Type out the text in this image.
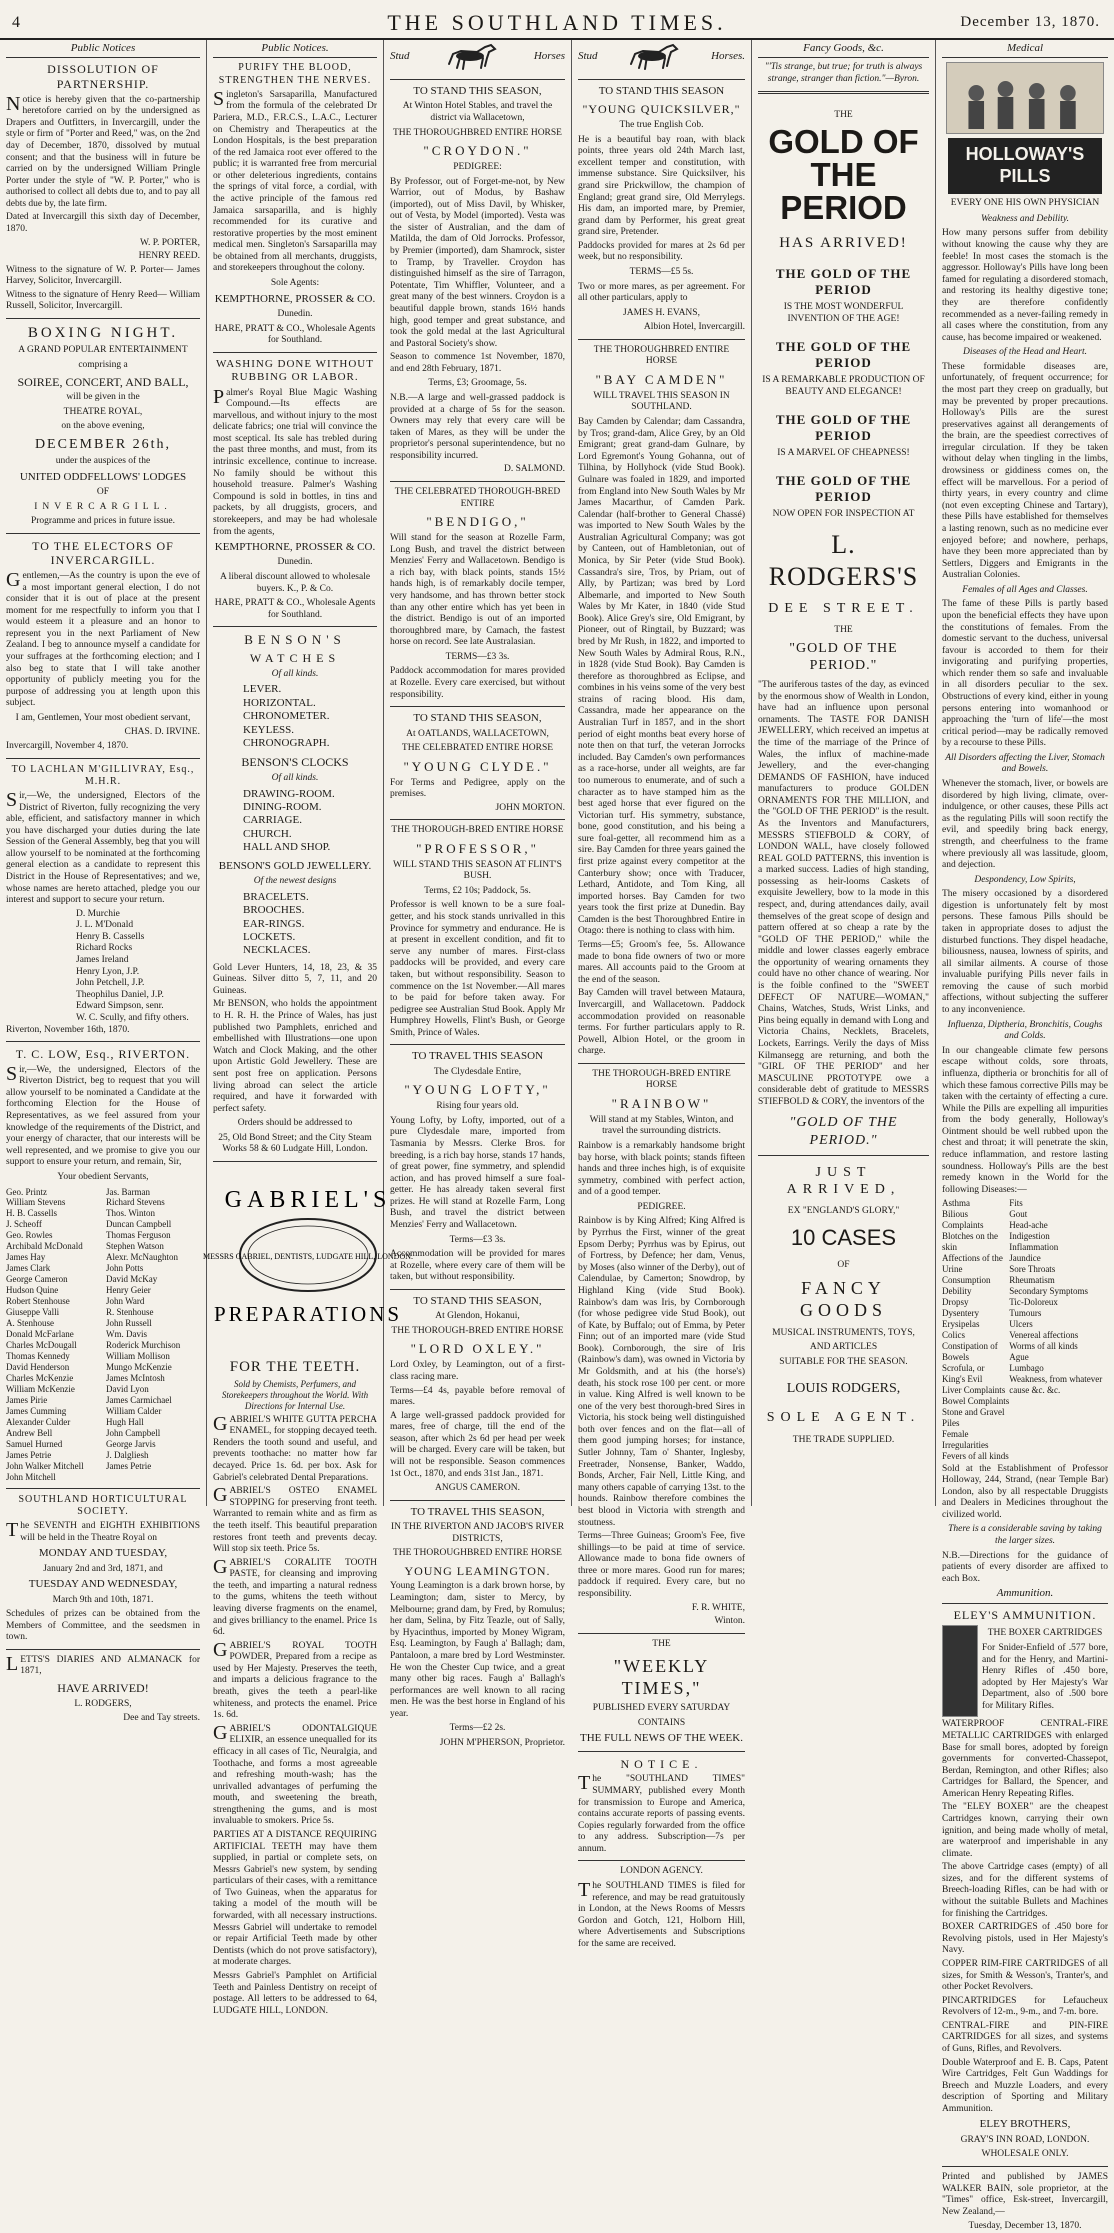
4	THE SOUTHLAND TIMES.	December 13, 1870.
Public Notices
DISSOLUTION OF PARTNERSHIP.

Notice is hereby given that the co-partnership heretofore carried on by the undersigned as Drapers and Outfitters, in Invercargill, under the style or firm of "Porter and Reed," was, on the 2nd day of December, 1870, dissolved by mutual consent; and that the business will in future be carried on by the undersigned William Pringle Porter under the style of "W. P. Porter," who is authorised to collect all debts due to, and to pay all debts due by, the late firm.

Dated at Invercargill this sixth day of December, 1870.

W. P. PORTER,
HENRY REED.

Witness to the signature of W. P. Porter— James Harvey, Solicitor, Invercargill.

Witness to the signature of Henry Reed— William Russell, Solicitor, Invercargill.

BOXING NIGHT.
A GRAND POPULAR ENTERTAINMENT
comprising a
SOIREE, CONCERT, AND BALL,
will be given in the
THEATRE ROYAL,
on the above evening,
DECEMBER 26th,
under the auspices of the
UNITED ODDFELLOWS' LODGES
OF
INVERCARGILL.
Programme and prices in future issue.
TO THE ELECTORS OF INVERCARGILL.

Gentlemen,—As the country is upon the eve of a most important general election, I do not consider that it is out of place at the present moment for me respectfully to inform you that I would esteem it a pleasure and an honor to represent you in the next Parliament of New Zealand. I beg to announce myself a candidate for your suffrages at the forthcoming election; and I also beg to state that I will take another opportunity of publicly meeting you for the purpose of addressing you at length upon this subject.

I am, Gentlemen, Your most obedient servant,
CHAS. D. IRVINE.
Invercargill, November 4, 1870.
TO LACHLAN M'GILLIVRAY, Esq., M.H.R.

Sir,—We, the undersigned, Electors of the District of Riverton, fully recognizing the very able, efficient, and satisfactory manner in which you have discharged your duties during the late Session of the General Assembly, beg that you will allow yourself to be nominated at the forthcoming general election as a candidate to represent this District in the House of Representatives; and we, whose names are hereto attached, pledge you our interest and support to secure your return.

D. Murchie
J. L. M'Donald
Henry B. Cassells
Richard Rocks
James Ireland
Henry Lyon, J.P.
John Petchell, J.P.
Theophilus Daniel, J.P.
Edward Simpson, senr.
W. C. Scully, and fifty others.
Riverton, November 16th, 1870.
T. C. LOW, Esq., RIVERTON.

Sir,—We, the undersigned, Electors of the Riverton District, beg to request that you will allow yourself to be nominated a Candidate at the forthcoming Election for the House of Representatives, as we feel assured from your knowledge of the requirements of the District, and your energy of character, that our interests will be well represented, and we promise to give you our support to ensure your return, and remain, Sir,

Your obedient Servants,
Geo. Printz
William Stevens
H. B. Cassells
J. Scheoff
Geo. Rowles
Archibald McDonald
James Hay
James Clark
George Cameron
Hudson Quine
Robert Stenhouse
Giuseppe Valli
A. Stenhouse
Donald McFarlane
Charles McDougall
Thomas Kennedy
David Henderson
Charles McKenzie
William McKenzie
James Pirie
James Cumming
Alexander Culder
Andrew Bell
Samuel Hurned
James Petrie
John Walker Mitchell
John Mitchell
Jas. Barman
Richard Stevens
Thos. Winton
Duncan Campbell
Thomas Ferguson
Stephen Watson
Alexr. McNaughton
John Potts
David McKay
Henry Geier
John Ward
R. Stenhouse
John Russell
Wm. Davis
Roderick Murchison
William Mollison
Mungo McKenzie
James McIntosh
David Lyon
James Carmichael
William Calder
Hugh Hall
John Campbell
George Jarvis
J. Dalgliesh
James Petrie
SOUTHLAND HORTICULTURAL SOCIETY.

The SEVENTH and EIGHTH EXHIBITIONS will be held in the Theatre Royal on

MONDAY AND TUESDAY,
January 2nd and 3rd, 1871, and
TUESDAY AND WEDNESDAY,
March 9th and 10th, 1871.

Schedules of prizes can be obtained from the Members of Committee, and the seedsmen in town.

LETTS'S DIARIES AND ALMANACK for 1871,

HAVE ARRIVED!
L. RODGERS,
Dee and Tay streets.
Public Notices.
PURIFY THE BLOOD, STRENGTHEN THE NERVES.

Singleton's Sarsaparilla, Manufactured from the formula of the celebrated Dr Pariera, M.D., F.R.C.S., L.A.C., Lecturer on Chemistry and Therapeutics at the London Hospitals, is the best preparation of the red Jamaica root ever offered to the public; it is warranted free from mercurial or other deleterious ingredients, contains the springs of vital force, a cordial, with the active principle of the famous red Jamaica sarsaparilla, and is highly recommended for its curative and restorative properties by the most eminent medical men. Singleton's Sarsaparilla may be obtained from all merchants, druggists, and storekeepers throughout the colony.

Sole Agents:
KEMPTHORNE, PROSSER & CO.
Dunedin.
HARE, PRATT & CO., Wholesale Agents for Southland.
WASHING DONE WITHOUT RUBBING OR LABOR.

Palmer's Royal Blue Magic Washing Compound.—Its effects are marvellous, and without injury to the most delicate fabrics; one trial will convince the most sceptical. Its sale has trebled during the past three months, and must, from its intrinsic excellence, continue to increase. No family should be without this household treasure. Palmer's Washing Compound is sold in bottles, in tins and packets, by all druggists, grocers, and storekeepers, and may be had wholesale from the agents,

KEMPTHORNE, PROSSER & CO.
Dunedin.
A liberal discount allowed to wholesale buyers. K., P. & Co.
HARE, PRATT & CO., Wholesale Agents for Southland.
BENSON'S
WATCHES
Of all kinds.
LEVER.
HORIZONTAL.
CHRONOMETER.
KEYLESS.
CHRONOGRAPH.
BENSON'S CLOCKS
Of all kinds.
DRAWING-ROOM.
DINING-ROOM.
CARRIAGE.
CHURCH.
HALL AND SHOP.
BENSON'S GOLD JEWELLERY.
Of the newest designs
BRACELETS.
BROOCHES.
EAR-RINGS.
LOCKETS.
NECKLACES.

Gold Lever Hunters, 14, 18, 23, & 35 Guineas. Silver ditto 5, 7, 11, and 20 Guineas.

Mr BENSON, who holds the appointment to H. R. H. the Prince of Wales, has just published two Pamphlets, enriched and embellished with Illustrations—one upon Watch and Clock Making, and the other upon Artistic Gold Jewellery. These are sent post free on application. Persons living abroad can select the article required, and have it forwarded with perfect safety.

Orders should be addressed to
25, Old Bond Street; and the City Steam Works 58 & 60 Ludgate Hill, London.
GABRIEL'S
MESSRS GABRIEL, DENTISTS, LUDGATE HILL, LONDON.
PREPARATIONS
FOR THE TEETH.
Sold by Chemists, Perfumers, and Storekeepers throughout the World. With Directions for Internal Use.

GABRIEL'S WHITE GUTTA PERCHA ENAMEL, for stopping decayed teeth. Renders the tooth sound and useful, and prevents toothache: no matter how far decayed. Price 1s. 6d. per box. Ask for Gabriel's celebrated Dental Preparations.

GABRIEL'S OSTEO ENAMEL STOPPING for preserving front teeth. Warranted to remain white and as firm as the teeth itself. This beautiful preparation restores front teeth and prevents decay. Will stop six teeth. Price 5s.

GABRIEL'S CORALITE TOOTH PASTE, for cleansing and improving the teeth, and imparting a natural redness to the gums, whitens the teeth without leaving diverse fragments on the enamel, and gives brilliancy to the enamel. Price 1s 6d.

GABRIEL'S ROYAL TOOTH POWDER, Prepared from a recipe as used by Her Majesty. Preserves the teeth, and imparts a delicious fragrance to the breath, gives the teeth a pearl-like whiteness, and protects the enamel. Price 1s. 6d.

GABRIEL'S ODONTALGIQUE ELIXIR, an essence unequalled for its efficacy in all cases of Tic, Neuralgia, and Toothache, and forms a most agreeable and refreshing mouth-wash; has the unrivalled advantages of perfuming the mouth, and sweetening the breath, strengthening the gums, and is most invaluable to smokers. Price 5s.

PARTIES AT A DISTANCE REQUIRING ARTIFICIAL TEETH may have them supplied, in partial or complete sets, on Messrs Gabriel's new system, by sending particulars of their cases, with a remittance of Two Guineas, when the apparatus for taking a model of the mouth will be forwarded, with all necessary instructions. Messrs Gabriel will undertake to remodel or repair Artificial Teeth made by other Dentists (which do not prove satisfactory), at moderate charges.

Messrs Gabriel's Pamphlet on Artificial Teeth and Painless Dentistry on receipt of postage. All letters to be addressed to 64, LUDGATE HILL, LONDON.

Stud	Horses
TO STAND THIS SEASON,
At Winton Hotel Stables, and travel the district via Wallacetown,
THE THOROUGHBRED ENTIRE HORSE
"CROYDON."
PEDIGREE:

By Professor, out of Forget-me-not, by New Warrior, out of Modus, by Bashaw (imported), out of Miss Davil, by Whisker, out of Vesta, by Model (imported). Vesta was the sister of Australian, and the dam of Matilda, the dam of Old Jorrocks. Professor, by Premier (imported), dam Shamrock, sister to Tramp, by Traveller. Croydon has distinguished himself as the sire of Tarragon, Potentate, Tim Whiffler, Volunteer, and a great many of the best winners. Croydon is a beautiful dapple brown, stands 16½ hands high, good temper and great substance, and took the gold medal at the last Agricultural and Pastoral Society's show.

Season to commence 1st November, 1870, and end 28th February, 1871.

Terms, £3; Groomage, 5s.

N.B.—A large and well-grassed paddock is provided at a charge of 5s for the season. Owners may rely that every care will be taken of Mares, as they will be under the proprietor's personal superintendence, but no responsibility incurred.

D. SALMOND.
THE CELEBRATED THOROUGH-BRED ENTIRE
"BENDIGO,"

Will stand for the season at Rozelle Farm, Long Bush, and travel the district between Menzies' Ferry and Wallacetown. Bendigo is a rich bay, with black points, stands 15½ hands high, is of remarkably docile temper, very handsome, and has thrown better stock than any other entire which has yet been in the district. Bendigo is out of an imported thoroughbred mare, by Camach, the fastest horse on record. See late Australasian.

TERMS—£3 3s.

Paddock accommodation for mares provided at Rozelle. Every care exercised, but without responsibility.

TO STAND THIS SEASON,
At OATLANDS, WALLACETOWN,
THE CELEBRATED ENTIRE HORSE
"YOUNG CLYDE."

For Terms and Pedigree, apply on the premises.

JOHN MORTON.
THE THOROUGH-BRED ENTIRE HORSE
"PROFESSOR,"
WILL STAND THIS SEASON AT FLINT'S BUSH.
Terms, £2 10s; Paddock, 5s.

Professor is well known to be a sure foal-getter, and his stock stands unrivalled in this Province for symmetry and endurance. He is at present in excellent condition, and fit to serve any number of mares. First-class paddocks will be provided, and every care taken, but without responsibility. Season to commence on the 1st November.—All mares to be paid for before taken away. For pedigree see Australian Stud Book. Apply Mr Humphrey Howells, Flint's Bush, or George Smith, Prince of Wales.

TO TRAVEL THIS SEASON
The Clydesdale Entire,
"YOUNG LOFTY,"
Rising four years old.

Young Lofty, by Lofty, imported, out of a pure Clydesdale mare, imported from Tasmania by Messrs. Clerke Bros. for breeding, is a rich bay horse, stands 17 hands, of great power, fine symmetry, and splendid action, and has proved himself a sure foal-getter. He has already taken several first prizes. He will stand at Rozelle Farm, Long Bush, and travel the district between Menzies' Ferry and Wallacetown.

Terms—£3 3s.

Accommodation will be provided for mares at Rozelle, where every care of them will be taken, but without responsibility.

TO STAND THIS SEASON,
At Glendon, Hokanui,
THE THOROUGH-BRED ENTIRE HORSE
"LORD OXLEY."

Lord Oxley, by Leamington, out of a first-class racing mare.

Terms—£4 4s, payable before removal of mares.

A large well-grassed paddock provided for mares, free of charge, till the end of the season, after which 2s 6d per head per week will be charged. Every care will be taken, but will not be responsible. Season commences 1st Oct., 1870, and ends 31st Jan., 1871.

ANGUS CAMERON.
TO TRAVEL THIS SEASON,
IN THE RIVERTON AND JACOB'S RIVER DISTRICTS,
THE THOROUGHBRED ENTIRE HORSE
YOUNG LEAMINGTON.

Young Leamington is a dark brown horse, by Leamington; dam, sister to Mercy, by Melbourne; grand dam, by Fred, by Romulus; her dam, Selina, by Fitz Teazle, out of Sally, by Hyacinthus, imported by Money Wigram, Esq. Leamington, by Faugh a' Ballagh; dam, Pantaloon, a mare bred by Lord Westminster. He won the Chester Cup twice, and a great many other big races. Faugh a' Ballagh's performances are well known to all racing men. He was the best horse in England of his year.

Terms—£2 2s.
JOHN M'PHERSON, Proprietor.
Stud	Horses.
TO STAND THIS SEASON
"YOUNG QUICKSILVER,"
The true English Cob.

He is a beautiful bay roan, with black points, three years old 24th March last, excellent temper and constitution, with immense substance. Sire Quicksilver, his grand sire Prickwillow, the champion of England; great grand sire, Old Merrylegs. His dam, an imported mare, by Premier, grand dam by Performer, his great great grand sire, Pretender.

Paddocks provided for mares at 2s 6d per week, but no responsibility.

TERMS—£5 5s.

Two or more mares, as per agreement. For all other particulars, apply to

JAMES H. EVANS,
Albion Hotel, Invercargill.
THE THOROUGHBRED ENTIRE HORSE
"BAY CAMDEN"
WILL TRAVEL THIS SEASON IN SOUTHLAND.

Bay Camden by Calendar; dam Cassandra, by Tros; grand-dam, Alice Grey, by an Old Emigrant; great grand-dam Gulnare, by Lord Egremont's Young Gohanna, out of Tilhina, by Hollyhock (vide Stud Book). Gulnare was foaled in 1829, and imported from England into New South Wales by Mr James Macarthur, of Camden Park. Calendar (half-brother to General Chassé) was imported to New South Wales by the Australian Agricultural Company; was got by Canteen, out of Hambletonian, out of Monica, by Sir Peter (vide Stud Book). Cassandra's sire, Tros, by Priam, out of Ally, by Partizan; was bred by Lord Albemarle, and imported to New South Wales by Mr Kater, in 1840 (vide Stud Book). Alice Grey's sire, Old Emigrant, by Pioneer, out of Ringtail, by Buzzard; was bred by Mr Rush, in 1822, and imported to New South Wales by Admiral Rous, R.N., in 1828 (vide Stud Book). Bay Camden is therefore as thoroughbred as Eclipse, and combines in his veins some of the very best strains of racing blood. His dam, Cassandra, made her appearance on the Australian Turf in 1857, and in the short period of eight months beat every horse of note then on that turf, the veteran Jorrocks included. Bay Camden's own performances as a race-horse, under all weights, are far too numerous to enumerate, and of such a character as to have stamped him as the best aged horse that ever figured on the Victorian turf. His symmetry, substance, bone, good constitution, and his being a sure foal-getter, all recommend him as a sire. Bay Camden for three years gained the first prize against every competitor at the Canterbury show; once with Traducer, Lethard, Antidote, and Tom King, all imported horses. Bay Camden for two years took the first prize at Dunedin. Bay Camden is the best Thoroughbred Entire in Otago: there is nothing to class with him.

Terms—£5; Groom's fee, 5s. Allowance made to bona fide owners of two or more mares. All accounts paid to the Groom at the end of the season.

Bay Camden will travel between Mataura, Invercargill, and Wallacetown. Paddock accommodation provided on reasonable terms. For further particulars apply to R. Powell, Albion Hotel, or the groom in charge.

THE THOROUGH-BRED ENTIRE HORSE
"RAINBOW"
Will stand at my Stables, Winton, and travel the surrounding districts.

Rainbow is a remarkably handsome bright bay horse, with black points; stands fifteen hands and three inches high, is of exquisite symmetry, combined with perfect action, and of a good temper.

PEDIGREE.

Rainbow is by King Alfred; King Alfred is by Pyrrhus the First, winner of the great Epsom Derby; Pyrrhus was by Epirus, out of Fortress, by Defence; her dam, Venus, by Moses (also winner of the Derby), out of Calendulae, by Camerton; Snowdrop, by Highland King (vide Stud Book). Rainbow's dam was Iris, by Cornborough (for whose pedigree vide Stud Book), out of Kate, by Buffalo; out of Emma, by Peter Finn; out of an imported mare (vide Stud Book). Cornborough, the sire of Iris (Rainbow's dam), was owned in Victoria by Mr Goldsmith, and at his (the horse's) death, his stock rose 100 per cent. or more in value. King Alfred is well known to be one of the very best thorough-bred Sires in Victoria, his stock being well distinguished both over fences and on the flat—all of them good jumping horses; for instance, Sutler Johnny, Tam o' Shanter, Inglesby, Freetrader, Nonsense, Banker, Waddo, Bonds, Archer, Fair Nell, Little King, and many others capable of carrying 13st. to the hounds. Rainbow therefore combines the best blood in Victoria with strength and stoutness.

Terms—Three Guineas; Groom's Fee, five shillings—to be paid at time of service. Allowance made to bona fide owners of three or more mares. Good run for mares; paddock if required. Every care, but no responsibility.

F. R. WHITE,
Winton.
THE
"WEEKLY TIMES,"
PUBLISHED EVERY SATURDAY
CONTAINS
THE FULL NEWS OF THE WEEK.
NOTICE.

The "SOUTHLAND TIMES" SUMMARY, published every Month for transmission to Europe and America, contains accurate reports of passing events. Copies regularly forwarded from the office to any address. Subscription—7s per annum.

LONDON AGENCY.

The SOUTHLAND TIMES is filed for reference, and may be read gratuitously in London, at the News Rooms of Messrs Gordon and Gotch, 121, Holborn Hill, where Advertisements and Subscriptions for the same are received.

Fancy Goods, &c.
"'Tis strange, but true; for truth is always strange, stranger than fiction."—Byron.
THE
GOLD OF THE PERIOD
HAS ARRIVED!
THE GOLD OF THE PERIOD
IS THE MOST WONDERFUL INVENTION OF THE AGE!
THE GOLD OF THE PERIOD
IS A REMARKABLE PRODUCTION OF BEAUTY AND ELEGANCE!
THE GOLD OF THE PERIOD
IS A MARVEL OF CHEAPNESS!
THE GOLD OF THE PERIOD
NOW OPEN FOR INSPECTION AT
L. RODGERS'S
DEE STREET.
THE
"GOLD OF THE PERIOD."

"The auriferous tastes of the day, as evinced by the enormous show of Wealth in London, have had an influence upon personal ornaments. The TASTE FOR DANISH JEWELLERY, which received an impetus at the time of the marriage of the Prince of Wales, the influx of machine-made Jewellery, and the ever-changing DEMANDS OF FASHION, have induced manufacturers to produce GOLDEN ORNAMENTS FOR THE MILLION, and the "GOLD OF THE PERIOD" is the result. As the Inventors and Manufacturers, MESSRS STIEFBOLD & CORY, of LONDON WALL, have closely followed REAL GOLD PATTERNS, this invention is a marked success. Ladies of high standing, possessing as heir-looms Caskets of exquisite Jewellery, bow to la mode in this respect, and, during attendances daily, avail themselves of the great scope of design and pattern offered at so cheap a rate by the "GOLD OF THE PERIOD," while the middle and lower classes eagerly embrace the opportunity of wearing ornaments they could have no other chance of wearing. Nor is the foible confined to the "SWEET DEFECT OF NATURE—WOMAN," Chains, Watches, Studs, Wrist Links, and Pins being equally in demand with Long and Victoria Chains, Necklets, Bracelets, Lockets, Earrings. Verily the days of Miss Kilmansegg are returning, and both the "GIRL OF THE PERIOD" and her MASCULINE PROTOTYPE owe a considerable debt of gratitude to MESSRS STIEFBOLD & CORY, the inventors of the

"GOLD OF THE PERIOD."
JUST ARRIVED,
EX "ENGLAND'S GLORY,"
10 CASES
OF
FANCY GOODS
MUSICAL INSTRUMENTS, TOYS,
AND ARTICLES
SUITABLE FOR THE SEASON.
LOUIS RODGERS,
SOLE AGENT.
THE TRADE SUPPLIED.
Medical
HOLLOWAY'S PILLS
EVERY ONE HIS OWN PHYSICIAN
Weakness and Debility.

How many persons suffer from debility without knowing the cause why they are feeble! In most cases the stomach is the aggressor. Holloway's Pills have long been famed for regulating a disordered stomach, and restoring its healthy digestive tone; they are therefore confidently recommended as a never-failing remedy in all cases where the constitution, from any cause, has become impaired or weakened.

Diseases of the Head and Heart.

These formidable diseases are, unfortunately, of frequent occurrence; for the most part they creep on gradually, but may be prevented by proper precautions. Holloway's Pills are the surest preservatives against all derangements of the brain, are the speediest correctives of irregular circulation. If they be taken without delay when tingling in the limbs, drowsiness or giddiness comes on, the effect will be marvellous. For a period of thirty years, in every country and clime (not even excepting Chinese and Tartary), these Pills have established for themselves a lasting renown, such as no medicine ever enjoyed before; and nowhere, perhaps, have they been more appreciated than by Settlers, Diggers and Emigrants in the Australian Colonies.

Females of all Ages and Classes.

The fame of these Pills is partly based upon the beneficial effects they have upon the constitutions of females. From the domestic servant to the duchess, universal favour is accorded to them for their invigorating and purifying properties, which render them so safe and invaluable in all disorders peculiar to the sex. Obstructions of every kind, either in young persons entering into womanhood or approaching the 'turn of life'—the most critical period—may be radically removed by a recourse to these Pills.

All Disorders affecting the Liver, Stomach and Bowels.

Whenever the stomach, liver, or bowels are disordered by high living, climate, over-indulgence, or other causes, these Pills act as the regulating Pills will soon rectify the evil, and speedily bring back energy, strength, and cheerfulness to the frame where previously all was lassitude, gloom, and dejection.

Despondency, Low Spirits,

The misery occasioned by a disordered digestion is unfortunately felt by most persons. These famous Pills should be taken in appropriate doses to adjust the disturbed functions. They dispel headache, biliousness, nausea, lowness of spirits, and all similar ailments. A course of those invaluable purifying Pills never fails in removing the cause of such morbid affections, without subjecting the sufferer to any inconvenience.

Influenza, Diptheria, Bronchitis, Coughs and Colds.

In our changeable climate few persons escape without colds, sore throats, influenza, diptheria or bronchitis for all of which these famous corrective Pills may be taken with the certainty of effecting a cure. While the Pills are expelling all impurities from the body generally, Holloway's Ointment should be well rubbed upon the chest and throat; it will penetrate the skin, reduce inflammation, and restore lasting soundness. Holloway's Pills are the best remedy known in the World for the following Diseases:—

Asthma
Bilious Complaints
Blotches on the skin
Affections of the Urine
Consumption
Debility
Dropsy
Dysentery
Erysipelas
Colics
Constipation of Bowels
Scrofula, or King's Evil
Liver Complaints
Bowel Complaints
Stone and Gravel
Piles
Female Irregularities
Fevers of all kinds

Fits
Gout
Head-ache
Indigestion
Inflammation
Jaundice
Sore Throats
Rheumatism
Secondary Symptoms
Tic-Doloreux
Tumours
Ulcers
Venereal affections
Worms of all kinds
Ague
Lumbago
Weakness, from whatever cause &c. &c.

Sold at the Establishment of Professor Holloway, 244, Strand, (near Temple Bar) London, also by all respectable Druggists and Dealers in Medicines throughout the civilized world.

There is a considerable saving by taking the larger sizes.

N.B.—Directions for the guidance of patients of every disorder are affixed to each Box.

Ammunition.
ELEY'S AMMUNITION.
THE BOXER CARTRIDGES

For Snider-Enfield of .577 bore, and for the Henry, and Martini-Henry Rifles of .450 bore, adopted by Her Majesty's War Department, also of .500 bore for Military Rifles.

WATERPROOF CENTRAL-FIRE METALLIC CARTRIDGES with enlarged Base for small bores, adopted by foreign governments for converted-Chassepot, Berdan, Remington, and other Rifles; also Cartridges for Ballard, the Spencer, and American Henry Repeating Rifles.

The "ELEY BOXER" are the cheapest Cartridges known, carrying their own ignition, and being made wholly of metal, are waterproof and imperishable in any climate.

The above Cartridge cases (empty) of all sizes, and for the different systems of Breech-loading Rifles, can be had with or without the suitable Bullets and Machines for finishing the Cartridges.

BOXER CARTRIDGES of .450 bore for Revolving pistols, used in Her Majesty's Navy.

COPPER RIM-FIRE CARTRIDGES of all sizes, for Smith & Wesson's, Tranter's, and other Pocket Revolvers.

PINCARTRIDGES for Lefaucheux Revolvers of 12-m., 9-m., and 7-m. bore.

CENTRAL-FIRE and PIN-FIRE CARTRIDGES for all sizes, and systems of Guns, Rifles, and Revolvers.

Double Waterproof and E. B. Caps, Patent Wire Cartridges, Felt Gun Waddings for Breech and Muzzle Loaders, and every description of Sporting and Military Ammunition.

ELEY BROTHERS,
GRAY'S INN ROAD, LONDON.
WHOLESALE ONLY.

Printed and published by JAMES WALKER BAIN, sole proprietor, at the "Times" office, Esk-street, Invercargill, New Zealand,—

Tuesday, December 13, 1870.
